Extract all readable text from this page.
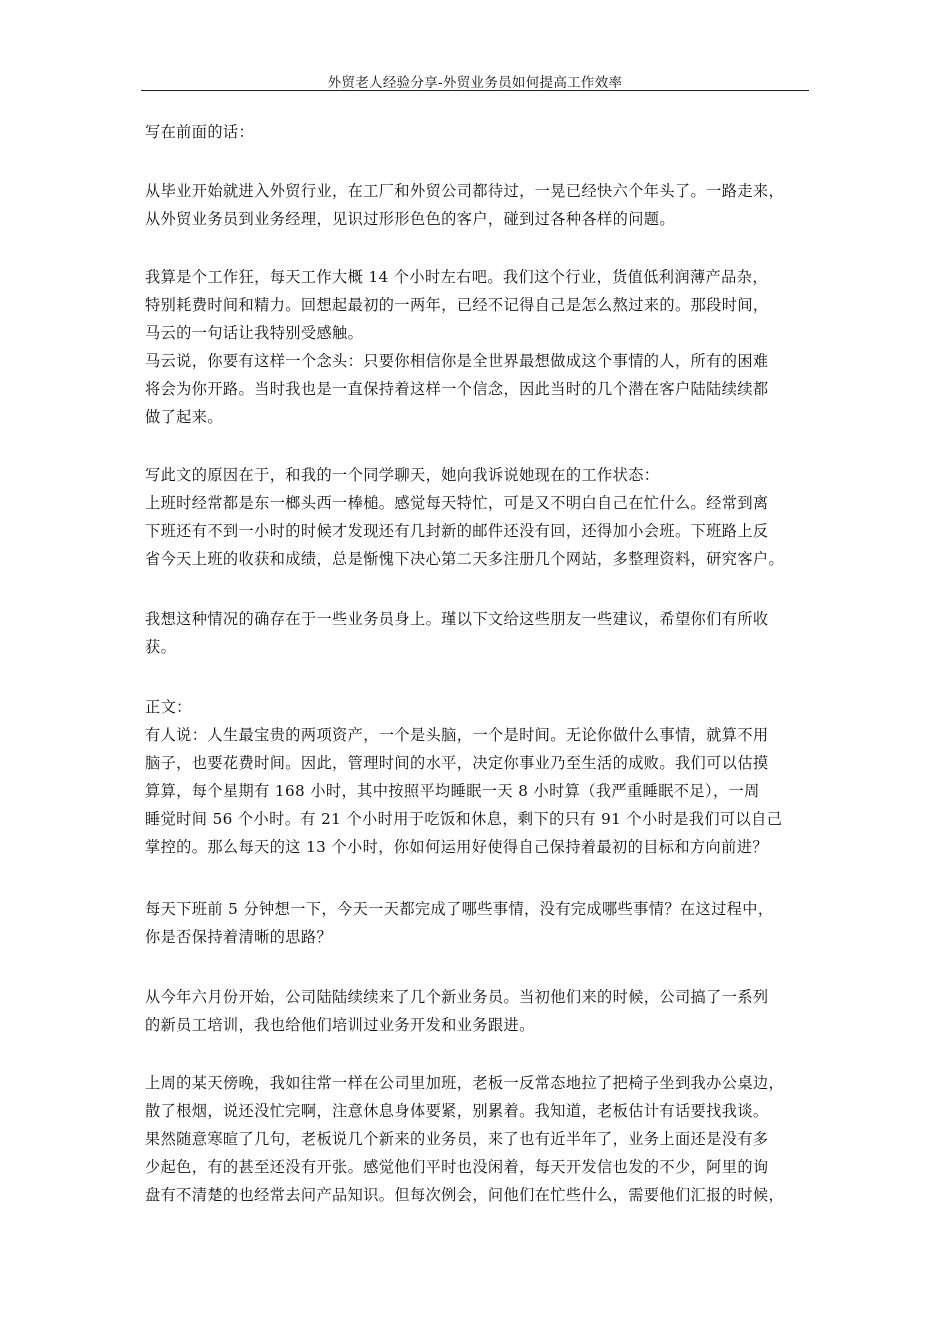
外贸老人经验分享-外贸业务员如何提高工作效率
写在前面的话：
从毕业开始就进入外贸行业，在工厂和外贸公司都待过，一晃已经快六个年头了。一路走来，
从外贸业务员到业务经理，见识过形形色色的客户，碰到过各种各样的问题。
我算是个工作狂，每天工作大概 14 个小时左右吧。我们这个行业，货值低利润薄产品杂，
特别耗费时间和精力。回想起最初的一两年，已经不记得自己是怎么熬过来的。那段时间，
马云的一句话让我特别受感触。
马云说，你要有这样一个念头：只要你相信你是全世界最想做成这个事情的人，所有的困难
将会为你开路。当时我也是一直保持着这样一个信念，因此当时的几个潜在客户陆陆续续都
做了起来。
写此文的原因在于，和我的一个同学聊天，她向我诉说她现在的工作状态：
上班时经常都是东一榔头西一棒槌。感觉每天特忙，可是又不明白自己在忙什么。经常到离
下班还有不到一小时的时候才发现还有几封新的邮件还没有回，还得加小会班。下班路上反
省今天上班的收获和成绩，总是惭愧下决心第二天多注册几个网站，多整理资料，研究客户。
我想这种情况的确存在于一些业务员身上。瑾以下文给这些朋友一些建议，希望你们有所收
获。
正文：
有人说：人生最宝贵的两项资产，一个是头脑，一个是时间。无论你做什么事情，就算不用
脑子，也要花费时间。因此，管理时间的水平，决定你事业乃至生活的成败。我们可以估摸
算算，每个星期有 168 小时，其中按照平均睡眠一天 8 小时算（我严重睡眠不足），一周
睡觉时间 56 个小时。有 21 个小时用于吃饭和休息，剩下的只有 91 个小时是我们可以自己
掌控的。那么每天的这 13 个小时，你如何运用好使得自己保持着最初的目标和方向前进？
每天下班前 5 分钟想一下，今天一天都完成了哪些事情，没有完成哪些事情？在这过程中，
你是否保持着清晰的思路？
从今年六月份开始，公司陆陆续续来了几个新业务员。当初他们来的时候，公司搞了一系列
的新员工培训，我也给他们培训过业务开发和业务跟进。
上周的某天傍晚，我如往常一样在公司里加班，老板一反常态地拉了把椅子坐到我办公桌边，
散了根烟，说还没忙完啊，注意休息身体要紧，别累着。我知道，老板估计有话要找我谈。
果然随意寒暄了几句，老板说几个新来的业务员，来了也有近半年了，业务上面还是没有多
少起色，有的甚至还没有开张。感觉他们平时也没闲着，每天开发信也发的不少，阿里的询
盘有不清楚的也经常去问产品知识。但每次例会，问他们在忙些什么，需要他们汇报的时候，
